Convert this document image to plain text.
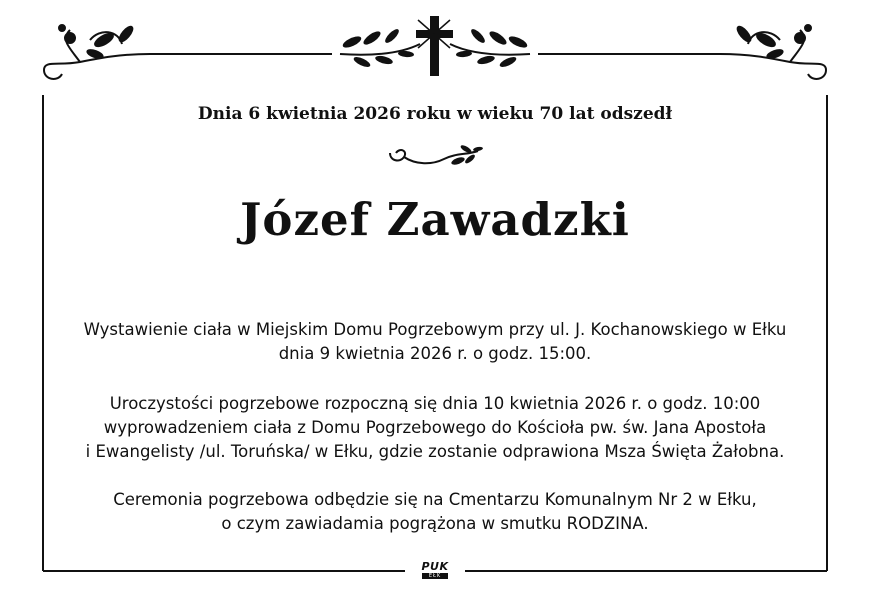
Dnia 6 kwietnia 2026 roku w wieku 70 lat odszedł
Józef Zawadzki
Wystawienie ciała w Miejskim Domu Pogrzebowym przy ul. J. Kochanowskiego w Ełku
dnia 9 kwietnia 2026 r. o godz. 15:00.
Uroczystości pogrzebowe rozpoczną się dnia 10 kwietnia 2026 r. o godz. 10:00
wyprowadzeniem ciała z Domu Pogrzebowego do Kościoła pw. św. Jana Apostoła
i Ewangelisty /ul. Toruńska/ w Ełku, gdzie zostanie odprawiona Msza Święta Żałobna.
Ceremonia pogrzebowa odbędzie się na Cmentarzu Komunalnym Nr 2 w Ełku,
o czym zawiadamia pogrążona w smutku RODZINA.
PUK
EŁK
